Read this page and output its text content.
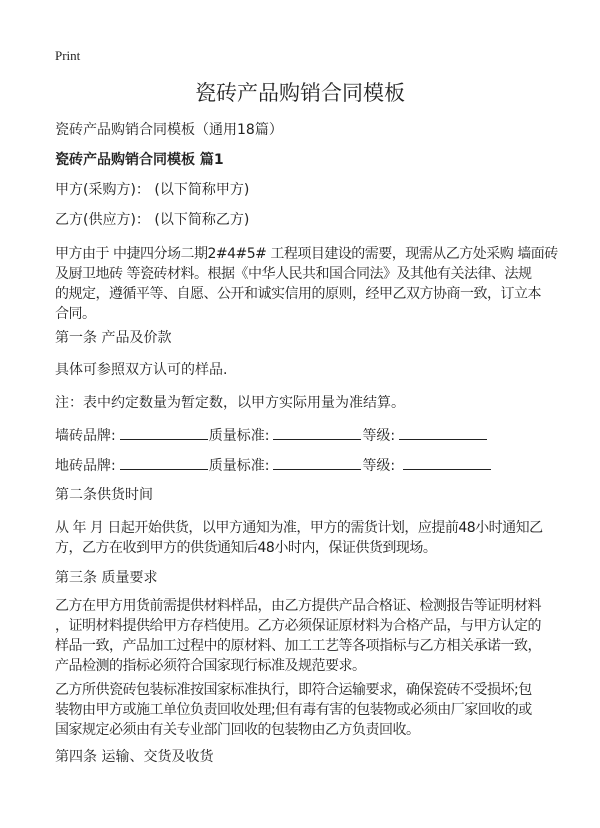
Print
瓷砖产品购销合同模板
瓷砖产品购销合同模板（通用18篇）
瓷砖产品购销合同模板 篇1
甲方(采购方)： (以下简称甲方)
乙方(供应方)： (以下简称乙方)
甲方由于 中捷四分场二期2#4#5# 工程项目建设的需要，现需从乙方处采购 墙面砖
及厨卫地砖 等瓷砖材料。根据《中华人民共和国合同法》及其他有关法律、法规
的规定，遵循平等、自愿、公开和诚实信用的原则，经甲乙双方协商一致，订立本
合同。
第一条 产品及价款
具体可参照双方认可的样品.
注：表中约定数量为暂定数，以甲方实际用量为准结算。
墙砖品牌:	质量标准:	等级:
地砖品牌:	质量标准:	等级:
第二条供货时间
从 年 月 日起开始供货，以甲方通知为准，甲方的需货计划，应提前48小时通知乙
方，乙方在收到甲方的供货通知后48小时内，保证供货到现场。
第三条 质量要求
乙方在甲方用货前需提供材料样品，由乙方提供产品合格证、检测报告等证明材料
，证明材料提供给甲方存档使用。乙方必须保证原材料为合格产品，与甲方认定的
样品一致，产品加工过程中的原材料、加工工艺等各项指标与乙方相关承诺一致，
产品检测的指标必须符合国家现行标准及规范要求。
乙方所供瓷砖包装标准按国家标准执行，即符合运输要求，确保瓷砖不受损坏;包
装物由甲方或施工单位负责回收处理;但有毒有害的包装物或必须由厂家回收的或
国家规定必须由有关专业部门回收的包装物由乙方负责回收。
第四条 运输、交货及收货
